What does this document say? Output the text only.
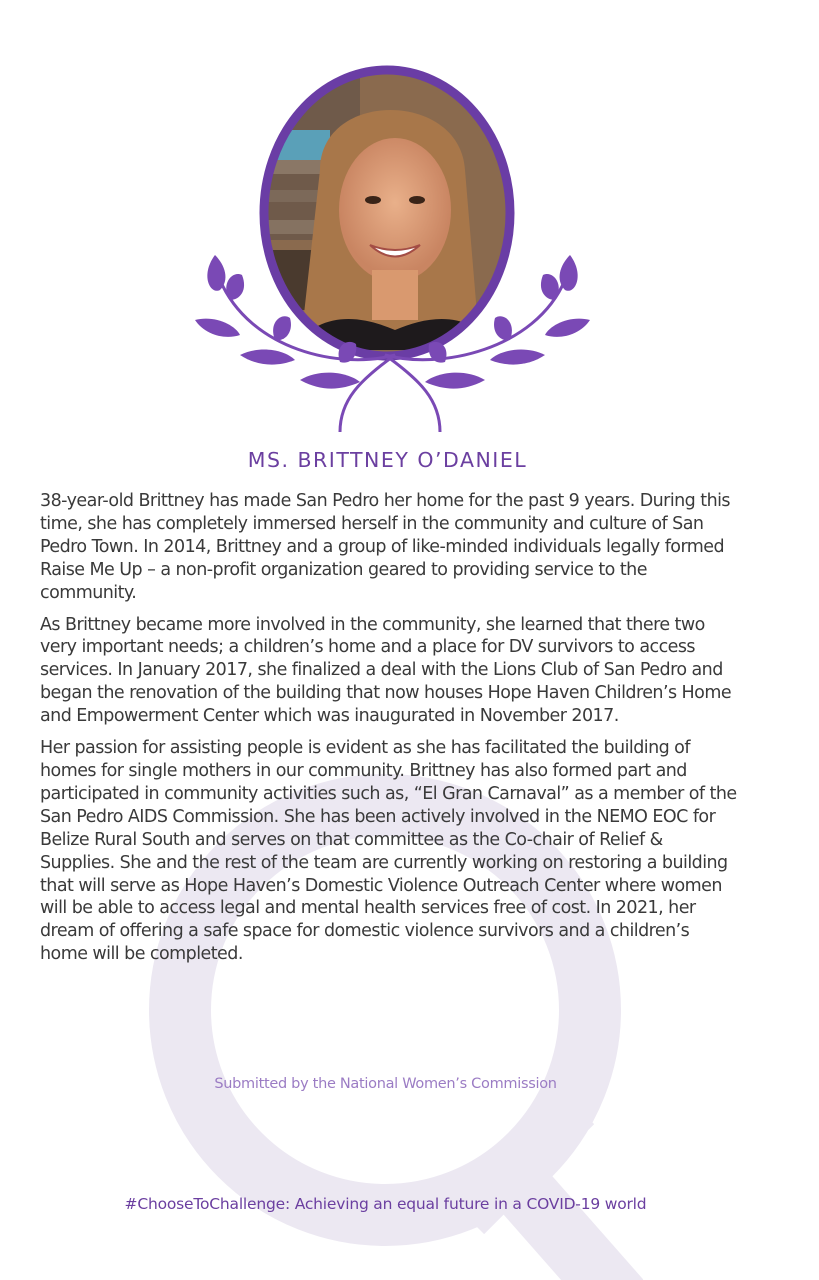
MS. BRITTNEY O’DANIEL

38-year-old Brittney has made San Pedro her home for the past 9 years. During this time, she has completely immersed herself in the community and culture of San Pedro Town. In 2014, Brittney and a group of like-minded individuals legally formed Raise Me Up – a non-profit organization geared to providing service to the community.

As Brittney became more involved in the community, she learned that there two very important needs; a children’s home and a place for DV survivors to access services. In January 2017, she finalized a deal with the Lions Club of San Pedro and began the renovation of the building that now houses Hope Haven Children’s Home and Empowerment Center which was inaugurated in November 2017.

Her passion for assisting people is evident as she has facilitated the building of homes for single mothers in our community. Brittney has also formed part and participated in community activities such as, “El Gran Carnaval” as a member of the San Pedro AIDS Commission. She has been actively involved in the NEMO EOC for Belize Rural South and serves on that committee as the Co-chair of Relief & Supplies. She and the rest of the team are currently working on restoring a building that will serve as Hope Haven’s Domestic Violence Outreach Center where women will be able to access legal and mental health services free of cost. In 2021, her dream of offering a safe space for domestic violence survivors and a children’s home will be completed.

Submitted by the National Women’s Commission
#ChooseToChallenge: Achieving an equal future in a COVID-19 world
